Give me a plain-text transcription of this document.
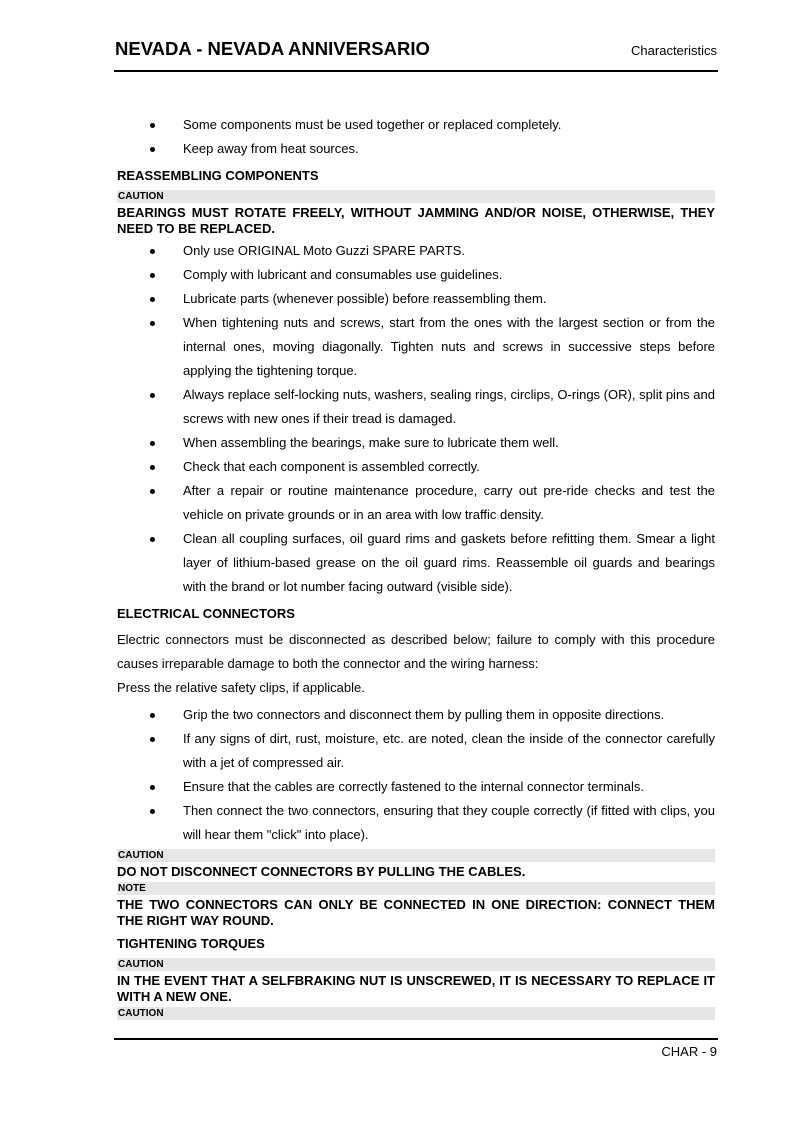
NEVADA - NEVADA ANNIVERSARIO	Characteristics
Some components must be used together or replaced completely.
Keep away from heat sources.
REASSEMBLING COMPONENTS
CAUTION
BEARINGS MUST ROTATE FREELY, WITHOUT JAMMING AND/OR NOISE, OTHERWISE, THEY NEED TO BE REPLACED.
Only use ORIGINAL Moto Guzzi SPARE PARTS.
Comply with lubricant and consumables use guidelines.
Lubricate parts (whenever possible) before reassembling them.
When tightening nuts and screws, start from the ones with the largest section or from the internal ones, moving diagonally. Tighten nuts and screws in successive steps before applying the tightening torque.
Always replace self-locking nuts, washers, sealing rings, circlips, O-rings (OR), split pins and screws with new ones if their tread is damaged.
When assembling the bearings, make sure to lubricate them well.
Check that each component is assembled correctly.
After a repair or routine maintenance procedure, carry out pre-ride checks and test the vehicle on private grounds or in an area with low traffic density.
Clean all coupling surfaces, oil guard rims and gaskets before refitting them. Smear a light layer of lithium-based grease on the oil guard rims. Reassemble oil guards and bearings with the brand or lot number facing outward (visible side).
ELECTRICAL CONNECTORS
Electric connectors must be disconnected as described below; failure to comply with this procedure causes irreparable damage to both the connector and the wiring harness:
Press the relative safety clips, if applicable.
Grip the two connectors and disconnect them by pulling them in opposite directions.
If any signs of dirt, rust, moisture, etc. are noted, clean the inside of the connector carefully with a jet of compressed air.
Ensure that the cables are correctly fastened to the internal connector terminals.
Then connect the two connectors, ensuring that they couple correctly (if fitted with clips, you will hear them "click" into place).
CAUTION
DO NOT DISCONNECT CONNECTORS BY PULLING THE CABLES.
NOTE
THE TWO CONNECTORS CAN ONLY BE CONNECTED IN ONE DIRECTION: CONNECT THEM THE RIGHT WAY ROUND.
TIGHTENING TORQUES
CAUTION
IN THE EVENT THAT A SELFBRAKING NUT IS UNSCREWED, IT IS NECESSARY TO REPLACE IT WITH A NEW ONE.
CAUTION
CHAR - 9
